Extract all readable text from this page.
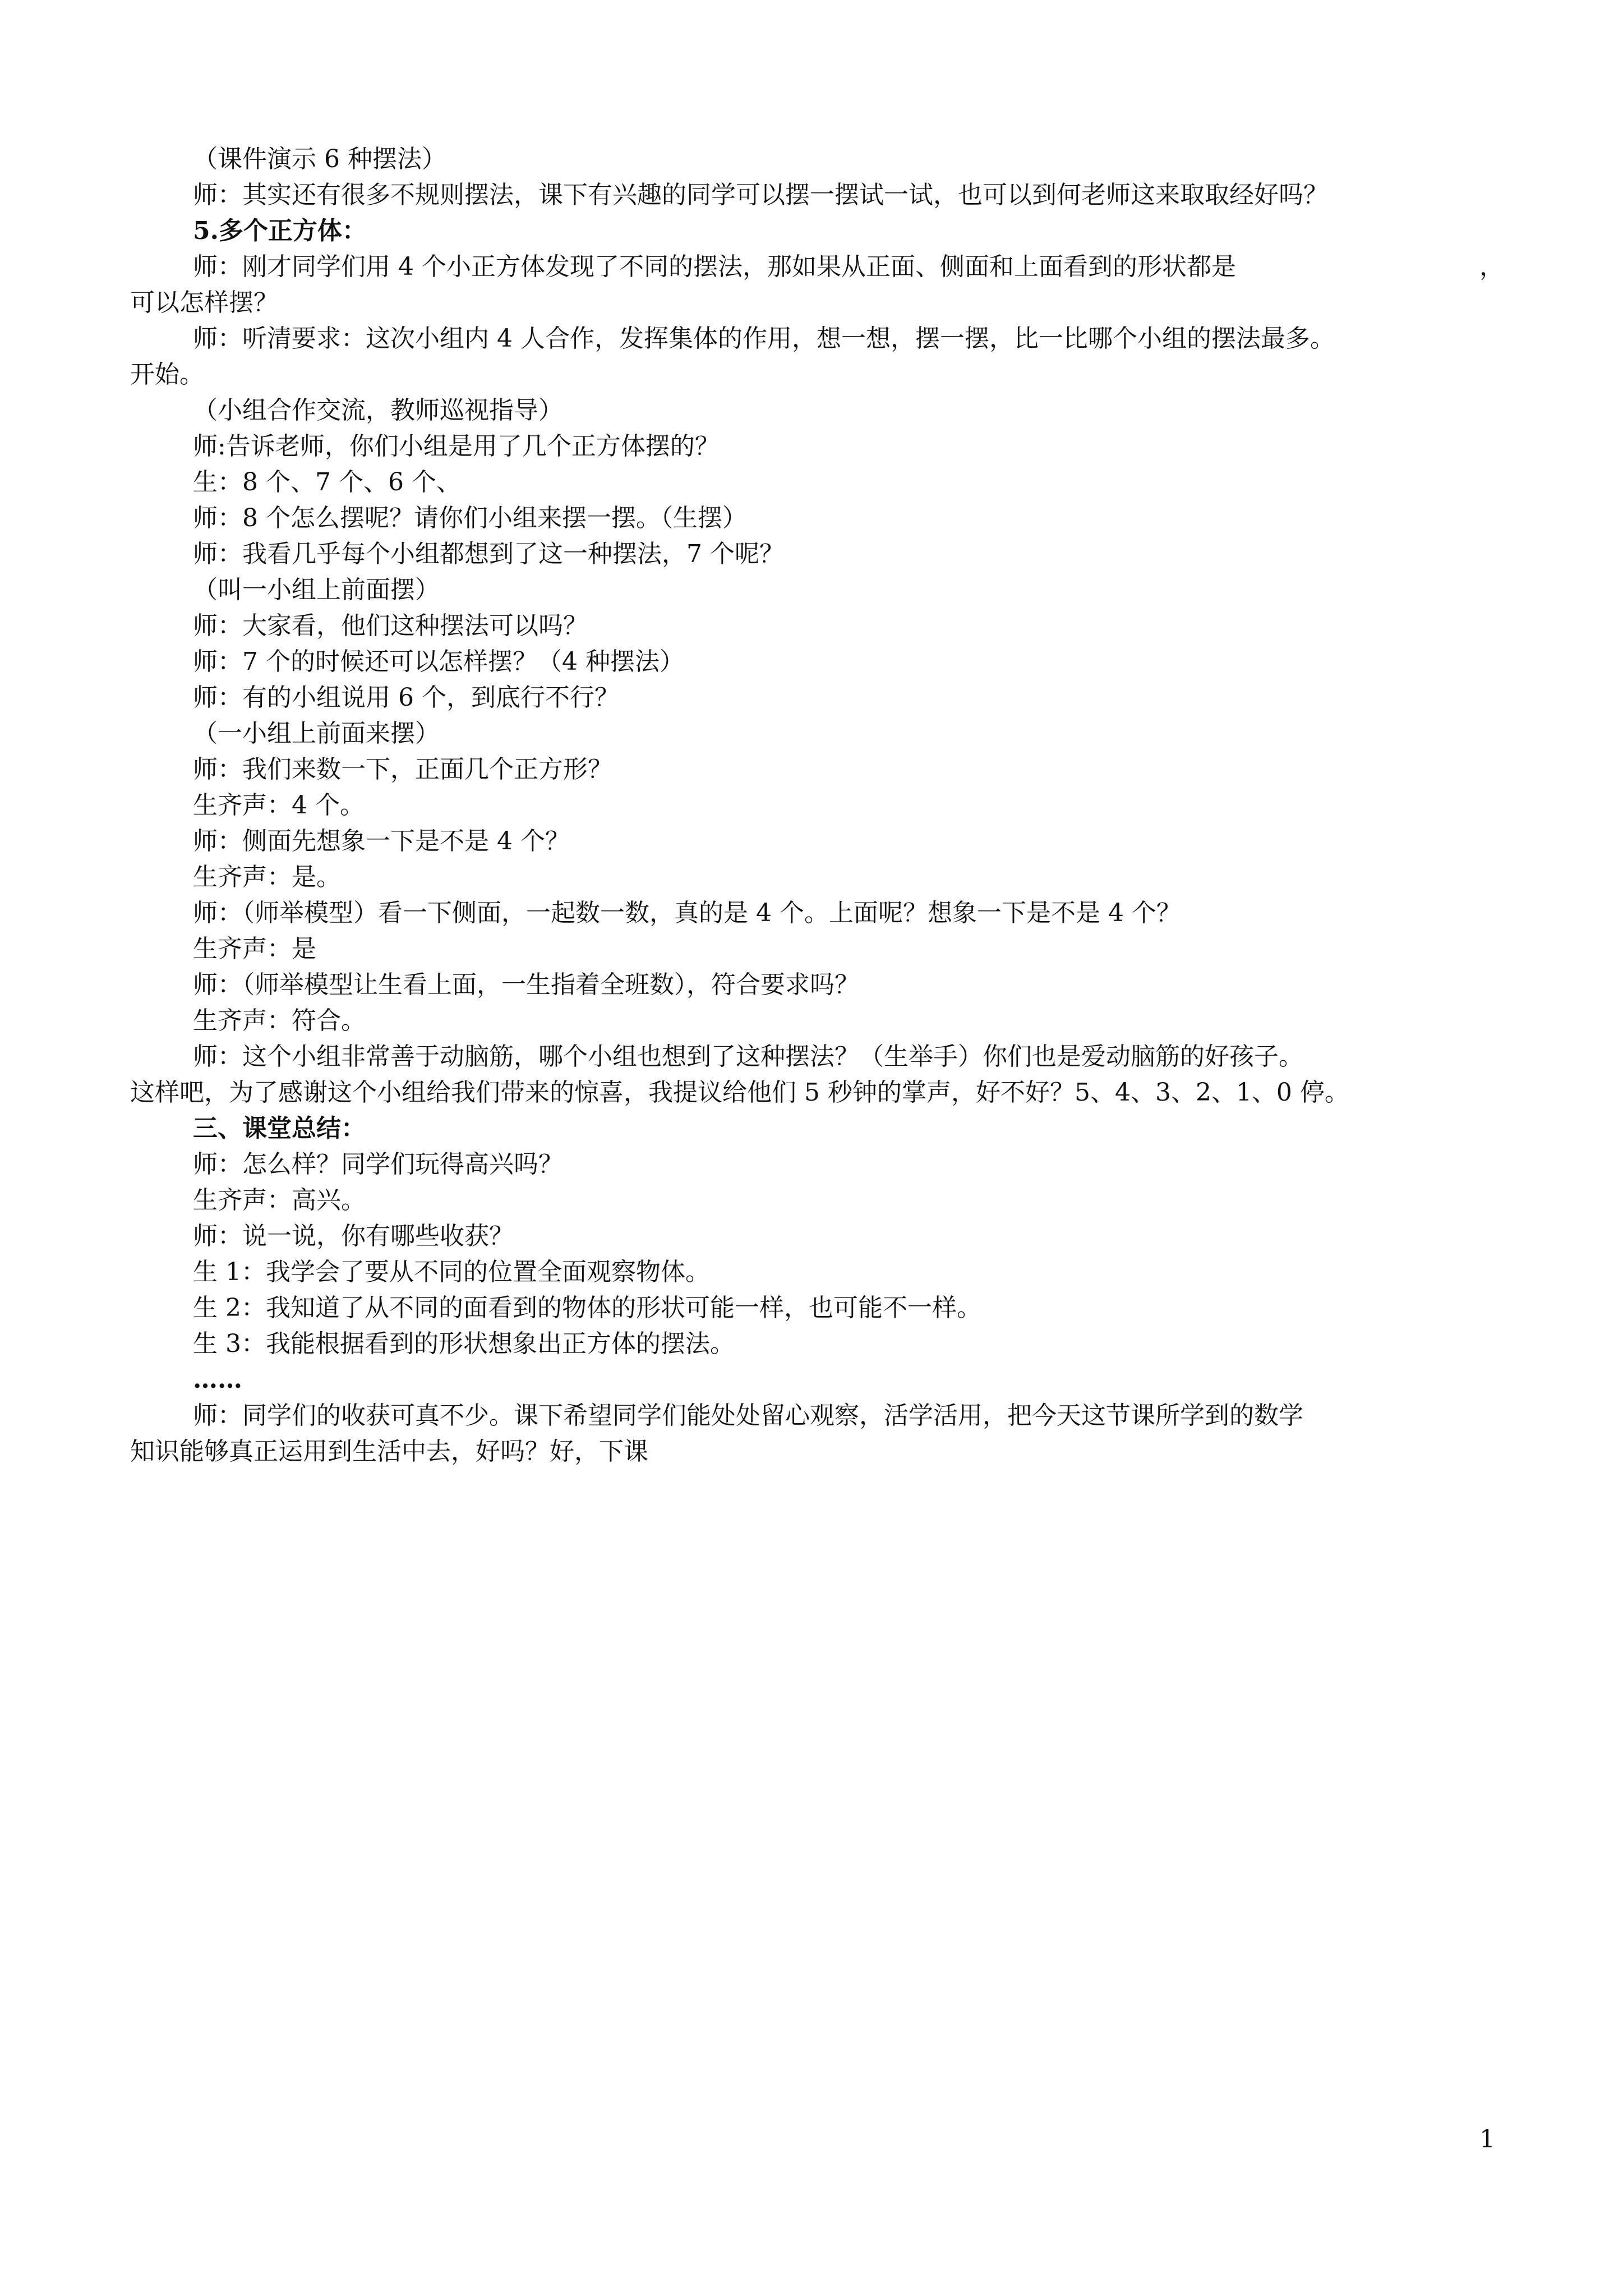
（课件演示 6 种摆法）
师：其实还有很多不规则摆法，课下有兴趣的同学可以摆一摆试一试，也可以到何老师这来取取经好吗？
5.多个正方体：
师：刚才同学们用 4 个小正方体发现了不同的摆法，那如果从正面、侧面和上面看到的形状都是	，
可以怎样摆？
师：听清要求：这次小组内 4 人合作，发挥集体的作用，想一想，摆一摆，比一比哪个小组的摆法最多。
开始。
（小组合作交流，教师巡视指导）
师:告诉老师，你们小组是用了几个正方体摆的？
生：8 个、7 个、6 个、
师：8 个怎么摆呢？请你们小组来摆一摆。（生摆）
师：我看几乎每个小组都想到了这一种摆法，7 个呢？
（叫一小组上前面摆）
师：大家看，他们这种摆法可以吗？
师：7 个的时候还可以怎样摆？（4 种摆法）
师：有的小组说用 6 个，到底行不行？
（一小组上前面来摆）
师：我们来数一下，正面几个正方形？
生齐声：4 个。
师：侧面先想象一下是不是 4 个？
生齐声：是。
师：（师举模型）看一下侧面，一起数一数，真的是 4 个。上面呢？想象一下是不是 4 个？
生齐声：是
师：（师举模型让生看上面，一生指着全班数），符合要求吗？
生齐声：符合。
师：这个小组非常善于动脑筋，哪个小组也想到了这种摆法？（生举手）你们也是爱动脑筋的好孩子。
这样吧，为了感谢这个小组给我们带来的惊喜，我提议给他们 5 秒钟的掌声，好不好？5、4、3、2、1、0 停。
三、课堂总结：
师：怎么样？同学们玩得高兴吗？
生齐声：高兴。
师：说一说，你有哪些收获？
生 1：我学会了要从不同的位置全面观察物体。
生 2：我知道了从不同的面看到的物体的形状可能一样，也可能不一样。
生 3：我能根据看到的形状想象出正方体的摆法。
……
师：同学们的收获可真不少。课下希望同学们能处处留心观察，活学活用，把今天这节课所学到的数学
知识能够真正运用到生活中去，好吗？好，下课
1
